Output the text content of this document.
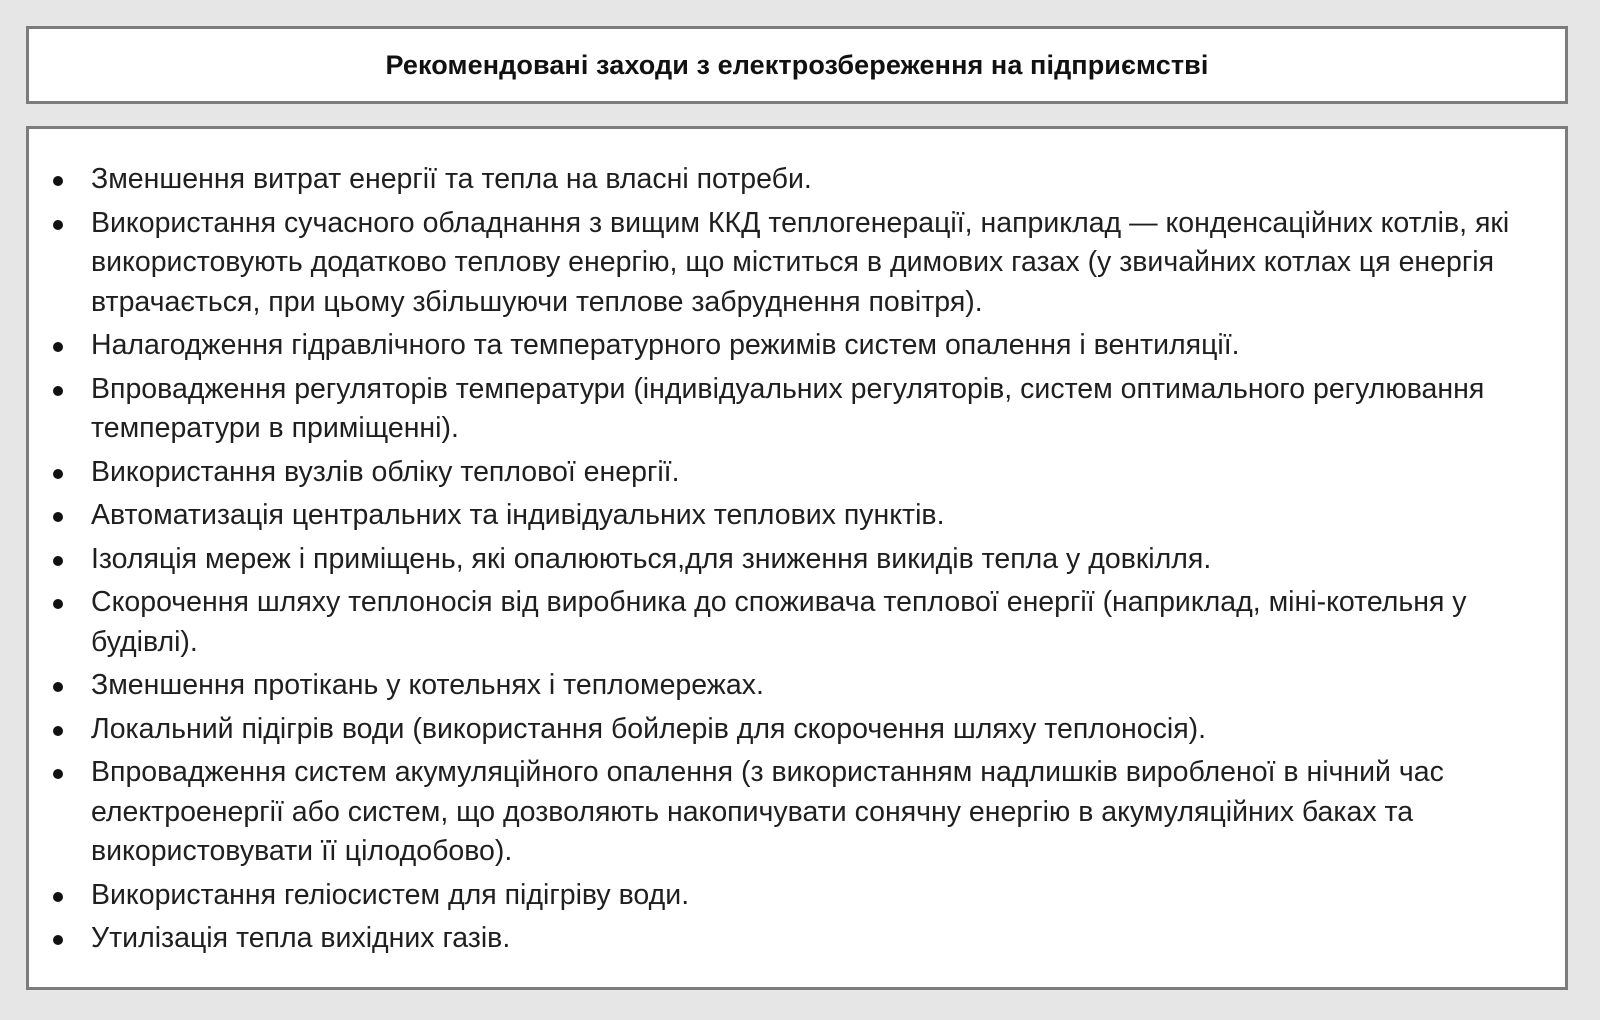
Рекомендовані заходи з електрозбереження на підприємстві
Зменшення витрат енергії та тепла на власні потреби.
Використання сучасного обладнання з вищим ККД теплогенерації, наприклад — конденсаційних котлів, які використовують додатково теплову енергію, що міститься в димових газах (у звичайних котлах ця енергія втрачається, при цьому збільшуючи теплове забруднення повітря).
Налагодження гідравлічного та температурного режимів систем опалення і вентиляції.
Впровадження регуляторів температури (індивідуальних регуляторів, систем оптимального регулювання температури в приміщенні).
Використання вузлів обліку теплової енергії.
Автоматизація центральних та індивідуальних теплових пунктів.
Ізоляція мереж і приміщень, які опалюються,для зниження викидів тепла у довкілля.
Скорочення шляху теплоносія від виробника до споживача теплової енергії (наприклад, міні-котельня у будівлі).
Зменшення протікань у котельнях і тепломережах.
Локальний підігрів води (використання бойлерів для скорочення шляху теплоносія).
Впровадження систем акумуляційного опалення (з використанням надлишків виробленої в нічний час електроенергії або систем, що дозволяють накопичувати сонячну енергію в акумуляційних баках та використовувати її цілодобово).
Використання геліосистем для підігріву води.
Утилізація тепла вихідних газів.
